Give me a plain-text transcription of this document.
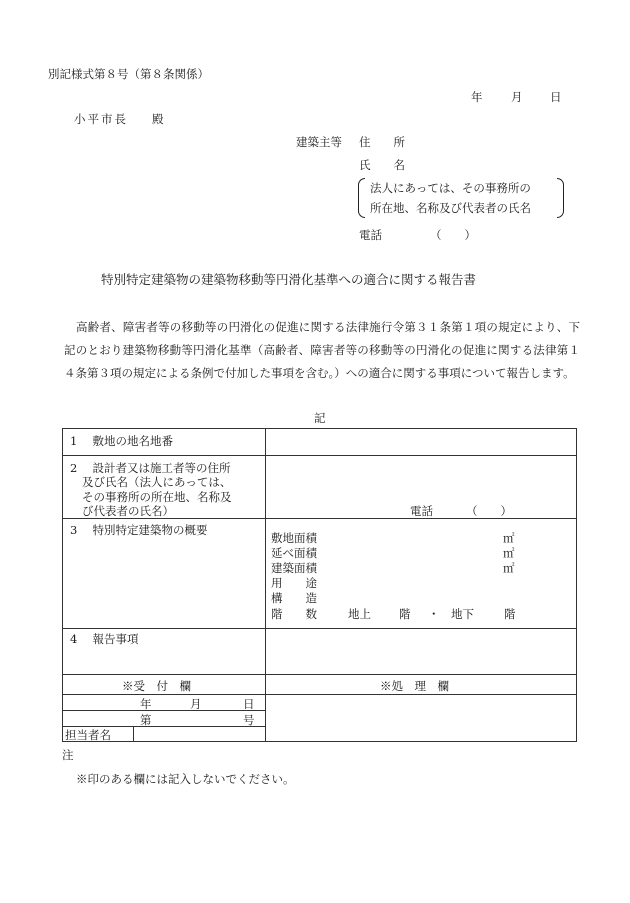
別記様式第８号（第８条関係）
年 月 日
小平市長 殿
建築主等 住　　所
氏　　名
法人にあっては、その事務所の
所在地、名称及び代表者の氏名
電話	（　　）
特別特定建築物の建築物移動等円滑化基準への適合に関する報告書
高齢者、障害者等の移動等の円滑化の促進に関する法律施行令第３１条第１項の規定により、下記のとおり建築物移動等円滑化基準（高齢者、障害者等の移動等の円滑化の促進に関する法律第１４条第３項の規定による条例で付加した事項を含む。）への適合に関する事項について報告します。
記
1　 敷地の地名地番
2　 設計者又は施工者等の住所
及び氏名（法人にあっては、
その事務所の所在地、名称及
び代表者の氏名）	電話	（　　）
3　 特別特定建築物の概要
敷地面積	㎡
延べ面積	㎡
建築面積	㎡
用　　途
構　　造
階　　数	地上 階 ・ 地下	階
4　 報告事項
※受　付　欄	※処　理　欄
年	月	日
第	号
担当者名
注
※印のある欄には記入しないでください。
